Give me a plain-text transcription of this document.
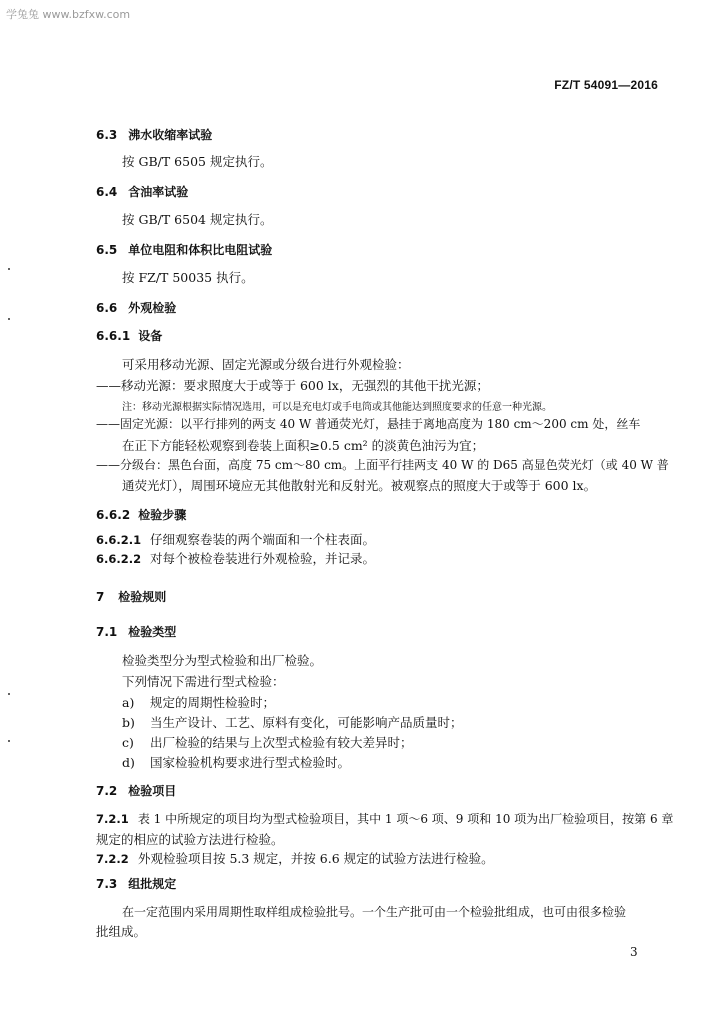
学兔兔 www.bzfxw.com
FZ/T 54091—2016
6.3 沸水收缩率试验
按 GB/T 6505 规定执行。
6.4 含油率试验
按 GB/T 6504 规定执行。
6.5 单位电阻和体积比电阻试验
按 FZ/T 50035 执行。
6.6 外观检验
6.6.1 设备
可采用移动光源、固定光源或分级台进行外观检验：
——移动光源：要求照度大于或等于 600 lx，无强烈的其他干扰光源；
注：移动光源根据实际情况选用，可以是充电灯或手电筒或其他能达到照度要求的任意一种光源。
——固定光源：以平行排列的两支 40 W 普通荧光灯，悬挂于离地高度为 180 cm～200 cm 处，丝车
在正下方能轻松观察到卷装上面积≥0.5 cm² 的淡黄色油污为宜；
——分级台：黑色台面，高度 75 cm～80 cm。上面平行挂两支 40 W 的 D65 高显色荧光灯（或 40 W 普
通荧光灯），周围环境应无其他散射光和反射光。被观察点的照度大于或等于 600 lx。
6.6.2 检验步骤
6.6.2.1 仔细观察卷装的两个端面和一个柱表面。
6.6.2.2 对每个被检卷装进行外观检验，并记录。
7 检验规则
7.1 检验类型
检验类型分为型式检验和出厂检验。
下列情况下需进行型式检验：
a) 规定的周期性检验时；
b) 当生产设计、工艺、原料有变化，可能影响产品质量时；
c) 出厂检验的结果与上次型式检验有较大差异时；
d) 国家检验机构要求进行型式检验时。
7.2 检验项目
7.2.1 表 1 中所规定的项目均为型式检验项目，其中 1 项～6 项、9 项和 10 项为出厂检验项目，按第 6 章
规定的相应的试验方法进行检验。
7.2.2 外观检验项目按 5.3 规定，并按 6.6 规定的试验方法进行检验。
7.3 组批规定
在一定范围内采用周期性取样组成检验批号。一个生产批可由一个检验批组成，也可由很多检验
批组成。
3
